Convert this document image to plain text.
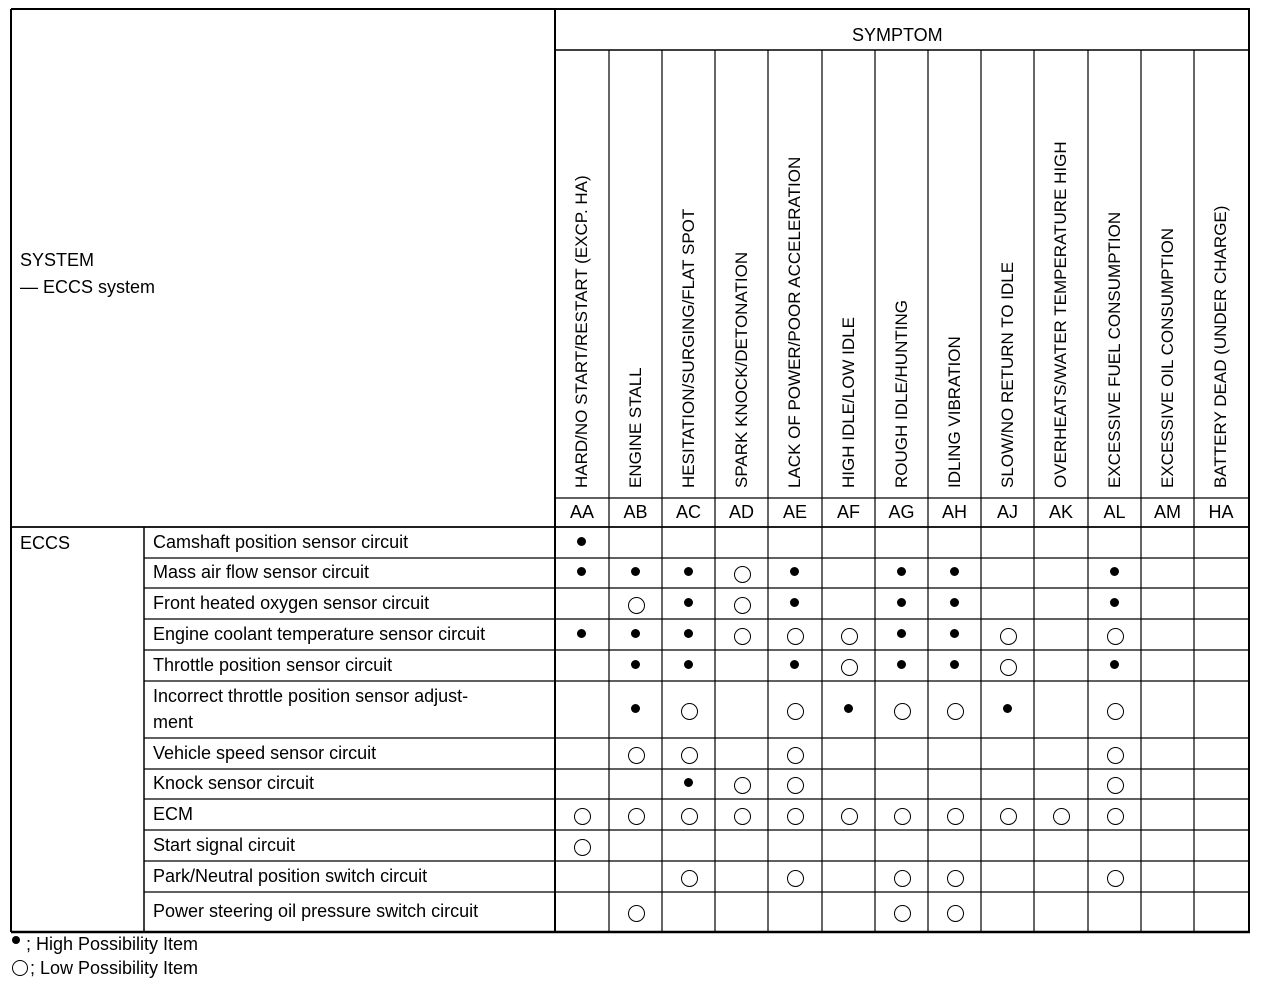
SYMPTOM
SYSTEM
— ECCS system
ECCS
HARD/NO START/RESTART (EXCP. HA)
AA
ENGINE STALL
AB
HESITATION/SURGING/FLAT SPOT
AC
SPARK KNOCK/DETONATION
AD
LACK OF POWER/POOR ACCELERATION
AE
HIGH IDLE/LOW IDLE
AF
ROUGH IDLE/HUNTING
AG
IDLING VIBRATION
AH
SLOW/NO RETURN TO IDLE
AJ
OVERHEATS/WATER TEMPERATURE HIGH
AK
EXCESSIVE FUEL CONSUMPTION
AL
EXCESSIVE OIL CONSUMPTION
AM
BATTERY DEAD (UNDER CHARGE)
HA
Camshaft position sensor circuit
Mass air flow sensor circuit
Front heated oxygen sensor circuit
Engine coolant temperature sensor circuit
Throttle position sensor circuit
Incorrect throttle position sensor adjust-
ment
Vehicle speed sensor circuit
Knock sensor circuit
ECM
Start signal circuit
Park/Neutral position switch circuit
Power steering oil pressure switch circuit
; High Possibility Item
; Low Possibility Item
